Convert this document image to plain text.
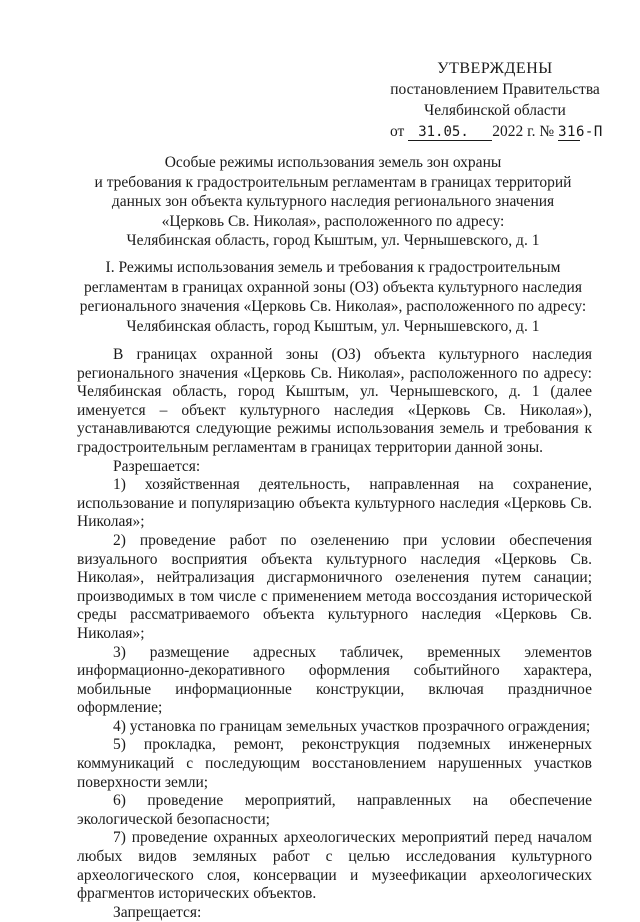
УТВЕРЖДЕНЫ
постановлением Правительства
Челябинской области
от 31.05. 2022 г. № 316-П
Особые режимы использования земель зон охраны
и требования к градостроительным регламентам в границах территорий
данных зон объекта культурного наследия регионального значения
«Церковь Св. Николая», расположенного по адресу:
Челябинская область, город Кыштым, ул. Чернышевского, д. 1
I. Режимы использования земель и требования к градостроительным
регламентам в границах охранной зоны (ОЗ) объекта культурного наследия
регионального значения «Церковь Св. Николая», расположенного по адресу:
Челябинская область, город Кыштым, ул. Чернышевского, д. 1

В границах охранной зоны (ОЗ) объекта культурного наследия регионального значения «Церковь Св. Николая», расположенного по адресу: Челябинская область, город Кыштым, ул. Чернышевского, д. 1 (далее именуется – объект культурного наследия «Церковь Св. Николая»), устанавливаются следующие режимы использования земель и требования к градостроительным регламентам в границах территории данной зоны.

Разрешается:

1) хозяйственная деятельность, направленная на сохранение, использование и популяризацию объекта культурного наследия «Церковь Св. Николая»;

2) проведение работ по озеленению при условии обеспечения визуального восприятия объекта культурного наследия «Церковь Св. Николая», нейтрализация дисгармоничного озеленения путем санации; производимых в том числе с применением метода воссоздания исторической среды рассматриваемого объекта культурного наследия «Церковь Св. Николая»;

3) размещение адресных табличек, временных элементов информационно-декоративного оформления событийного характера, мобильные информационные конструкции, включая праздничное оформление;

4) установка по границам земельных участков прозрачного ограждения;

5) прокладка, ремонт, реконструкция подземных инженерных коммуникаций с последующим восстановлением нарушенных участков поверхности земли;

6) проведение мероприятий, направленных на обеспечение экологической безопасности;

7) проведение охранных археологических мероприятий перед началом любых видов земляных работ с целью исследования культурного археологического слоя, консервации и музеефикации археологических фрагментов исторических объектов.

Запрещается:
